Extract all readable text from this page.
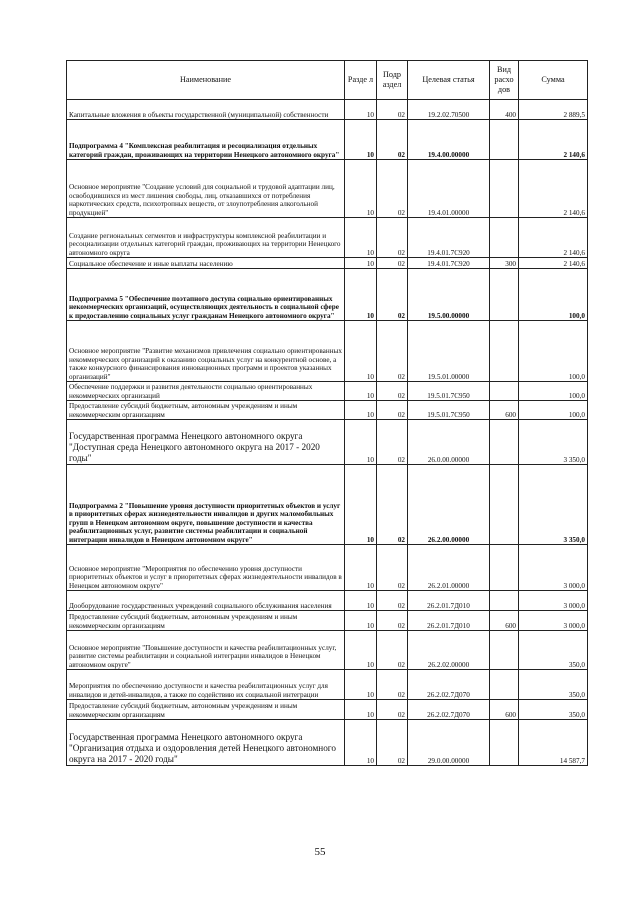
Наименование	Разде л	Подр аздел	Целевая статья	Вид расхо дов	Сумма
Капитальные вложения в объекты государственной (муниципальной) собственности	10	02	19.2.02.70500	400	2 889,5
Подпрограмма 4 "Комплексная реабилитация и ресоциализация отдельных категорий граждан, проживающих на территории Ненецкого автономного округа"	10	02	19.4.00.00000		2 140,6
Основное мероприятие "Создание условий для социальной и трудовой адаптации лиц, освободившихся из мест лишения свободы, лиц, отказавшихся от потребления наркотических средств, психотропных веществ, от злоупотребления алкогольной продукцией"	10	02	19.4.01.00000		2 140,6
Создание региональных сегментов и инфраструктуры комплексной реабилитации и ресоциализации отдельных категорий граждан, проживающих на территории Ненецкого автономного округа	10	02	19.4.01.7С920		2 140,6
Социальное обеспечение и иные выплаты населению	10	02	19.4.01.7С920	300	2 140,6
Подпрограмма 5 "Обеспечение поэтапного доступа социально ориентированных некоммерческих организаций, осуществляющих деятельность в социальной сфере к предоставлению социальных услуг гражданам Ненецкого автономного округа"	10	02	19.5.00.00000		100,0
Основное мероприятие "Развитие механизмов привлечения социально ориентированных некоммерческих организаций к оказанию социальных услуг на конкурентной основе, а также конкурсного финансирования инновационных программ и проектов указанных организаций"	10	02	19.5.01.00000		100,0
Обеспечение поддержки и развития деятельности социально ориентированных некоммерческих организаций	10	02	19.5.01.7С950		100,0
Предоставление субсидий бюджетным, автономным учреждениям и иным некоммерческим организациям	10	02	19.5.01.7С950	600	100,0
Государственная программа Ненецкого автономного округа "Доступная среда Ненецкого автономного округа на 2017 - 2020 годы"	10	02	26.0.00.00000		3 350,0
Подпрограмма 2 "Повышение уровня доступности приоритетных объектов и услуг в приоритетных сферах жизнедеятельности инвалидов и других маломобильных групп в Ненецком автономном округе, повышение доступности и качества реабилитационных услуг, развитие системы реабилитации и социальной интеграции инвалидов в Ненецком автономном округе"	10	02	26.2.00.00000		3 350,0
Основное мероприятие "Мероприятия по обеспечению уровня доступности приоритетных объектов и услуг в приоритетных сферах жизнедеятельности инвалидов в Ненецком автономном округе"	10	02	26.2.01.00000		3 000,0
Дооборудование государственных учреждений социального обслуживания населения	10	02	26.2.01.7Д010		3 000,0
Предоставление субсидий бюджетным, автономным учреждениям и иным некоммерческим организациям	10	02	26.2.01.7Д010	600	3 000,0
Основное мероприятие "Повышение доступности и качества реабилитационных услуг, развитие системы реабилитации и социальной интеграции инвалидов в Ненецком автономном округе"	10	02	26.2.02.00000		350,0
Мероприятия по обеспечению доступности и качества реабилитационных услуг для инвалидов и детей-инвалидов, а также по содействию их социальной интеграции	10	02	26.2.02.7Д070		350,0
Предоставление субсидий бюджетным, автономным учреждениям и иным некоммерческим организациям	10	02	26.2.02.7Д070	600	350,0
Государственная программа Ненецкого автономного округа "Организация отдыха и оздоровления детей Ненецкого автономного округа на 2017 - 2020 годы"	10	02	29.0.00.00000		14 587,7
55
